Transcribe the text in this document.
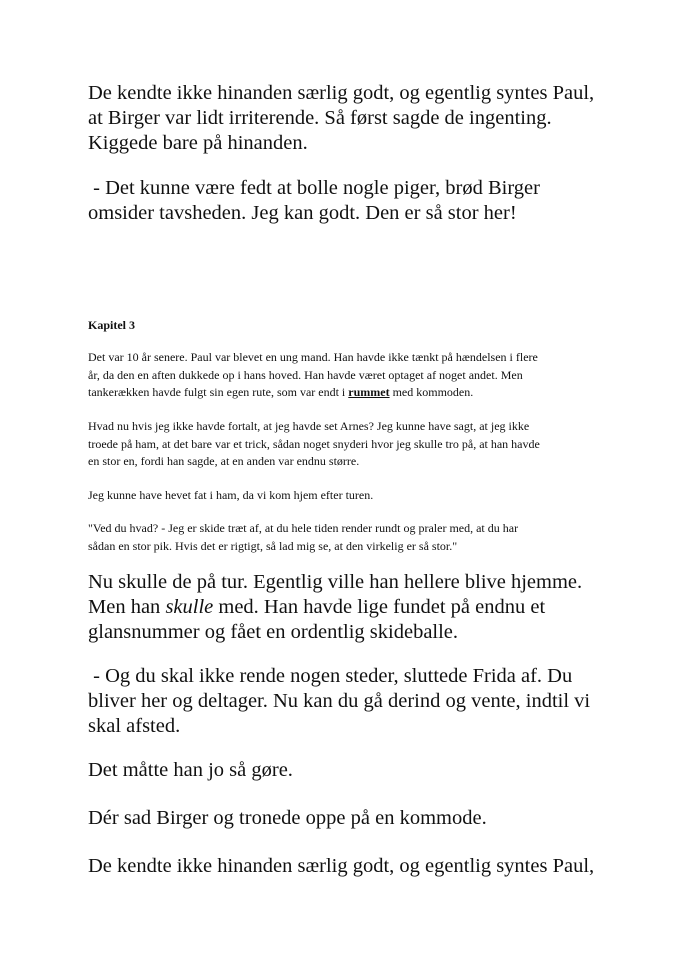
De kendte ikke hinanden særlig godt, og egentlig syntes Paul,
at Birger var lidt irriterende. Så først sagde de ingenting.
Kiggede bare på hinanden.

- Det kunne være fedt at bolle nogle piger, brød Birger
omsider tavsheden. Jeg kan godt. Den er så stor her!

Kapitel 3

Det var 10 år senere. Paul var blevet en ung mand. Han havde ikke tænkt på hændelsen i flere
år, da den en aften dukkede op i hans hoved. Han havde været optaget af noget andet. Men
tankerækken havde fulgt sin egen rute, som var endt i rummet med kommoden.

Hvad nu hvis jeg ikke havde fortalt, at jeg havde set Arnes? Jeg kunne have sagt, at jeg ikke
troede på ham, at det bare var et trick, sådan noget snyderi hvor jeg skulle tro på, at han havde
en stor en, fordi han sagde, at en anden var endnu større.

Jeg kunne have hevet fat i ham, da vi kom hjem efter turen.

"Ved du hvad? - Jeg er skide træt af, at du hele tiden render rundt og praler med, at du har
sådan en stor pik. Hvis det er rigtigt, så lad mig se, at den virkelig er så stor."

Nu skulle de på tur. Egentlig ville han hellere blive hjemme.
Men han skulle med. Han havde lige fundet på endnu et
glansnummer og fået en ordentlig skideballe.

- Og du skal ikke rende nogen steder, sluttede Frida af. Du
bliver her og deltager. Nu kan du gå derind og vente, indtil vi
skal afsted.

Det måtte han jo så gøre.

Dér sad Birger og tronede oppe på en kommode.

De kendte ikke hinanden særlig godt, og egentlig syntes Paul,
